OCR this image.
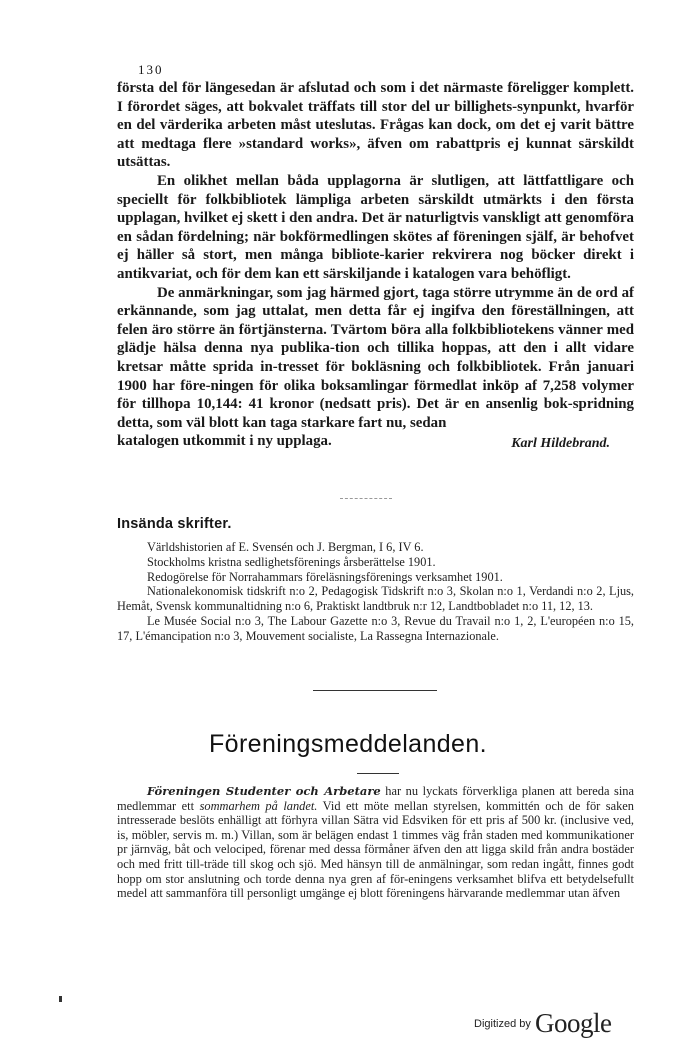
130

första del för längesedan är afslutad och som i det närmaste föreligger komplett. I förordet säges, att bokvalet träffats till stor del ur billighets-synpunkt, hvarför en del värderika arbeten måst uteslutas. Frågas kan dock, om det ej varit bättre att medtaga flere »standard works», äfven om rabattpris ej kunnat särskildt utsättas.

En olikhet mellan båda upplagorna är slutligen, att lättfattligare och speciellt för folkbibliotek lämpliga arbeten särskildt utmärkts i den första upplagan, hvilket ej skett i den andra. Det är naturligtvis vanskligt att genomföra en sådan fördelning; när bokförmedlingen skötes af föreningen själf, är behofvet ej häller så stort, men många bibliote-karier rekvirera nog böcker direkt i antikvariat, och för dem kan ett särskiljande i katalogen vara behöfligt.

De anmärkningar, som jag härmed gjort, taga större utrymme än de ord af erkännande, som jag uttalat, men detta får ej ingifva den föreställningen, att felen äro större än förtjänsterna. Tvärtom böra alla folkbibliotekens vänner med glädje hälsa denna nya publika-tion och tillika hoppas, att den i allt vidare kretsar måtte sprida in-tresset för bokläsning och folkbibliotek. Från januari 1900 har före-ningen för olika boksamlingar förmedlat inköp af 7,258 volymer för tillhopa 10,144: 41 kronor (nedsatt pris). Det är en ansenlig bok-spridning detta, som väl blott kan taga starkare fart nu, sedan

katalogen utkommit i ny upplaga.	Karl Hildebrand.
Insända skrifter.

Världshistorien af E. Svensén och J. Bergman, I 6, IV 6.

Stockholms kristna sedlighetsförenings årsberättelse 1901.

Redogörelse för Norrahammars föreläsningsförenings verksamhet 1901.

Nationalekonomisk tidskrift n:o 2, Pedagogisk Tidskrift n:o 3, Skolan n:o 1, Verdandi n:o 2, Ljus, Hemåt, Svensk kommunaltidning n:o 6, Praktiskt landtbruk n:r 12, Landtbobladet n:o 11, 12, 13.

Le Musée Social n:o 3, The Labour Gazette n:o 3, Revue du Travail n:o 1, 2, L'européen n:o 15, 17, L'émancipation n:o 3, Mouvement socialiste, La Rassegna Internazionale.

Föreningsmeddelanden.

Föreningen Studenter och Arbetare har nu lyckats förverkliga planen att bereda sina medlemmar ett sommarhem på landet. Vid ett möte mellan styrelsen, kommittén och de för saken intresserade beslöts enhälligt att förhyra villan Sätra vid Edsviken för ett pris af 500 kr. (inclusive ved, is, möbler, servis m. m.) Villan, som är belägen endast 1 timmes väg från staden med kommunikationer pr järnväg, båt och velociped, förenar med dessa förmåner äfven den att ligga skild från andra bostäder och med fritt till-träde till skog och sjö. Med hänsyn till de anmälningar, som redan ingått, finnes godt hopp om stor anslutning och torde denna nya gren af för-eningens verksamhet blifva ett betydelsefullt medel att sammanföra till personligt umgänge ej blott föreningens härvarande medlemmar utan äfven

Digitized by Google
